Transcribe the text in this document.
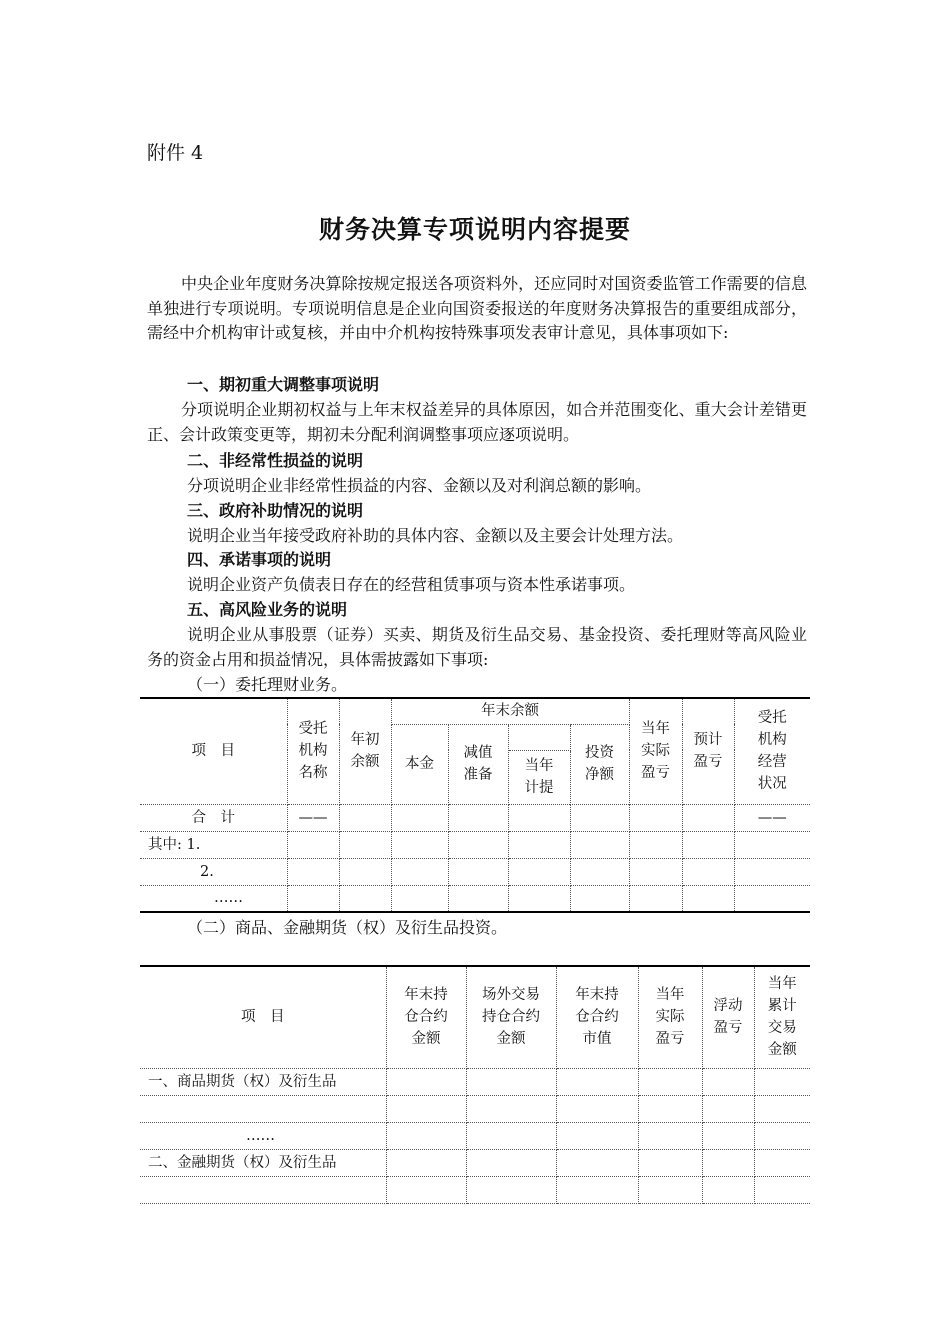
附件 4
财务决算专项说明内容提要
中央企业年度财务决算除按规定报送各项资料外，还应同时对国资委监管工作需要的信息单独进行专项说明。专项说明信息是企业向国资委报送的年度财务决算报告的重要组成部分，需经中介机构审计或复核，并由中介机构按特殊事项发表审计意见，具体事项如下:
一、期初重大调整事项说明
分项说明企业期初权益与上年末权益差异的具体原因，如合并范围变化、重大会计差错更正、会计政策变更等，期初未分配利润调整事项应逐项说明。
二、非经常性损益的说明
分项说明企业非经常性损益的内容、金额以及对利润总额的影响。
三、政府补助情况的说明
说明企业当年接受政府补助的具体内容、金额以及主要会计处理方法。
四、承诺事项的说明
说明企业资产负债表日存在的经营租赁事项与资本性承诺事项。
五、高风险业务的说明
说明企业从事股票（证券）买卖、期货及衍生品交易、基金投资、委托理财等高风险业务的资金占用和损益情况，具体需披露如下事项:
（一）委托理财业务。
项　目	受托机构名称	年初余额	年末余额				当年实际盈亏	预计盈亏	受托机构经营状况
			本金	减值准备		投资净额			
					当年计提				
合　计	——								——
其中: 1.									
2.									
……									
（二）商品、金融期货（权）及衍生品投资。
项　目	年末持仓合约金额	场外交易持仓合约金额	年末持仓合约市值	当年实际盈亏	浮动盈亏	当年累计交易金额
一、商品期货（权）及衍生品						

……						
二、金融期货（权）及衍生品						
